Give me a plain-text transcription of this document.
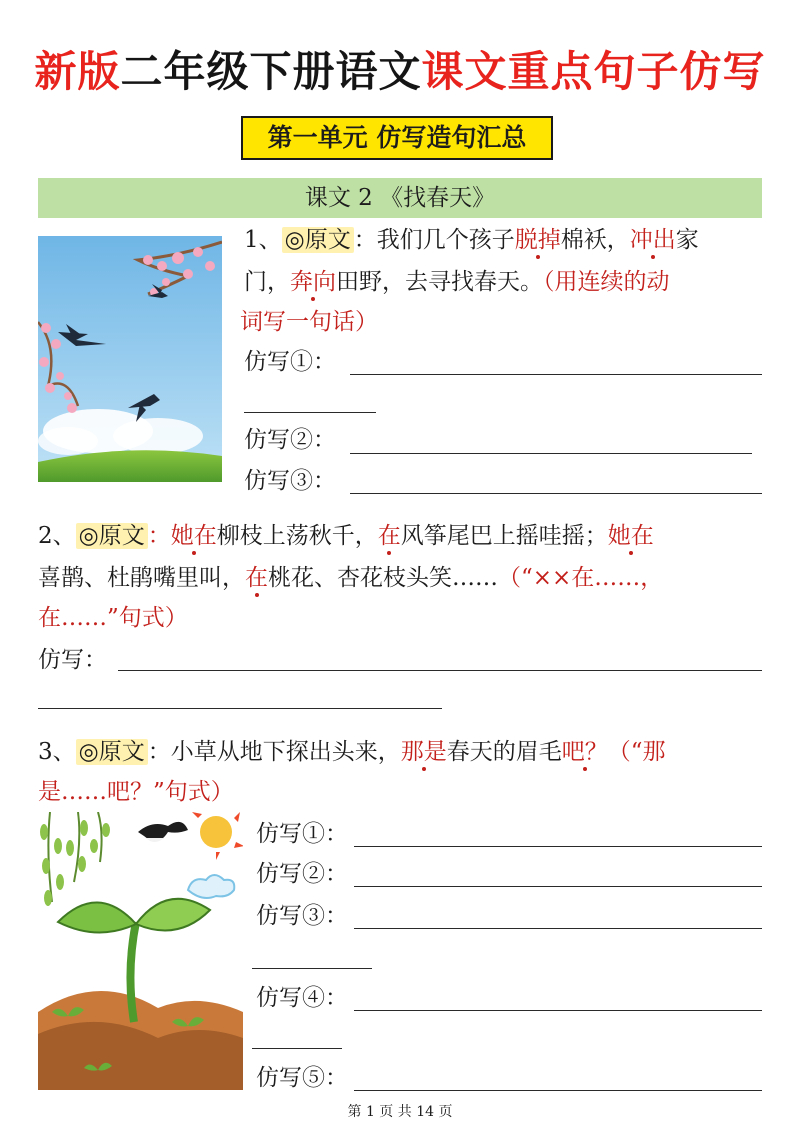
新版二年级下册语文课文重点句子仿写
第一单元 仿写造句汇总
课文 2 《找春天》
1、 ◎原文 ：我们几个孩子脱掉棉袄，冲出家
门，奔向田野，去寻找春天。（用连续的动
词写一句话）
仿写①：
仿写②：
仿写③：
2、 ◎原文 ：她在柳枝上荡秋千，在风筝尾巴上摇哇摇；她在
喜鹊、杜鹃嘴里叫，在桃花、杏花枝头笑……（“××在……，
在……”句式）
仿写：
3、 ◎原文 ：小草从地下探出头来，那是春天的眉毛吧？（“那
是……吧？”句式）
仿写①：
仿写②：
仿写③：
仿写④：
仿写⑤：
第 1 页 共 14 页
